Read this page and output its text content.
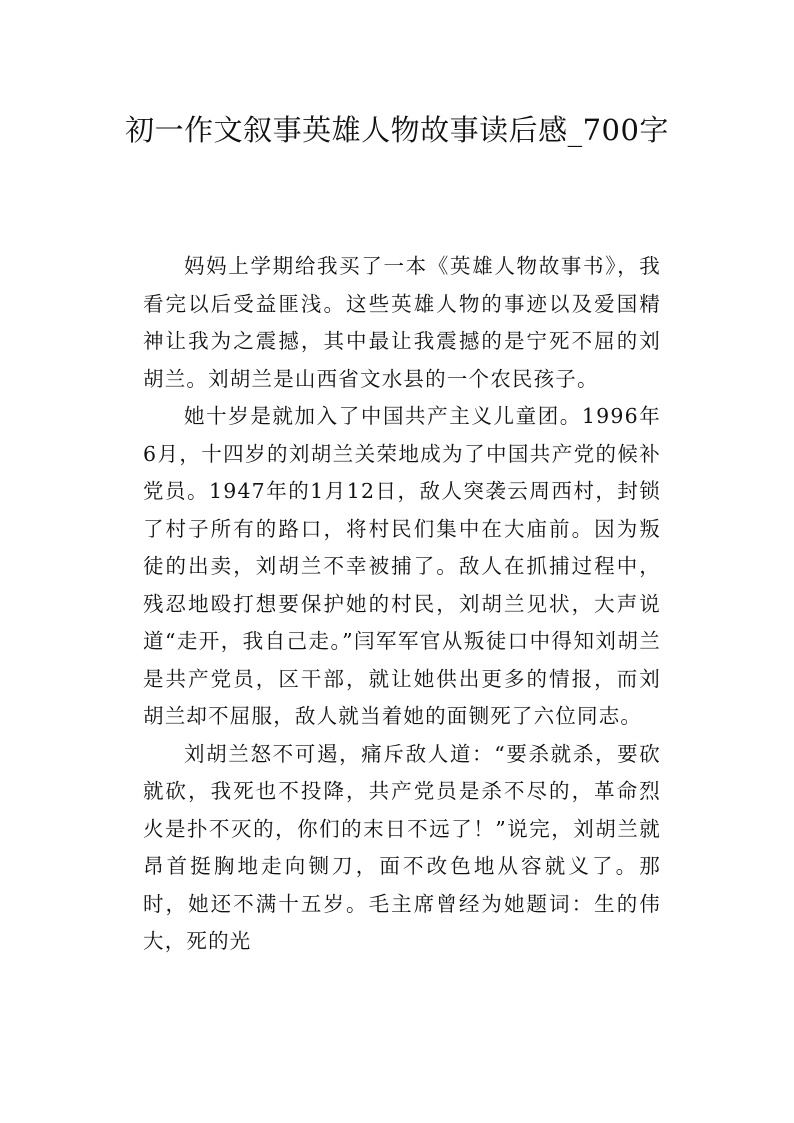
初一作文叙事英雄人物故事读后感_700字

妈妈上学期给我买了一本《英雄人物故事书》，我看完以后受益匪浅。这些英雄人物的事迹以及爱国精神让我为之震撼，其中最让我震撼的是宁死不屈的刘胡兰。刘胡兰是山西省文水县的一个农民孩子。

她十岁是就加入了中国共产主义儿童团。1996年6月，十四岁的刘胡兰关荣地成为了中国共产党的候补党员。1947年的1月12日，敌人突袭云周西村，封锁了村子所有的路口，将村民们集中在大庙前。因为叛徒的出卖，刘胡兰不幸被捕了。敌人在抓捕过程中，残忍地殴打想要保护她的村民，刘胡兰见状，大声说道“走开，我自己走。”闫军军官从叛徒口中得知刘胡兰是共产党员，区干部，就让她供出更多的情报，而刘胡兰却不屈服，敌人就当着她的面铡死了六位同志。

刘胡兰怒不可遏，痛斥敌人道：“要杀就杀，要砍就砍，我死也不投降，共产党员是杀不尽的，革命烈火是扑不灭的，你们的末日不远了！”说完，刘胡兰就昂首挺胸地走向铡刀，面不改色地从容就义了。那时，她还不满十五岁。毛主席曾经为她题词：生的伟大，死的光
